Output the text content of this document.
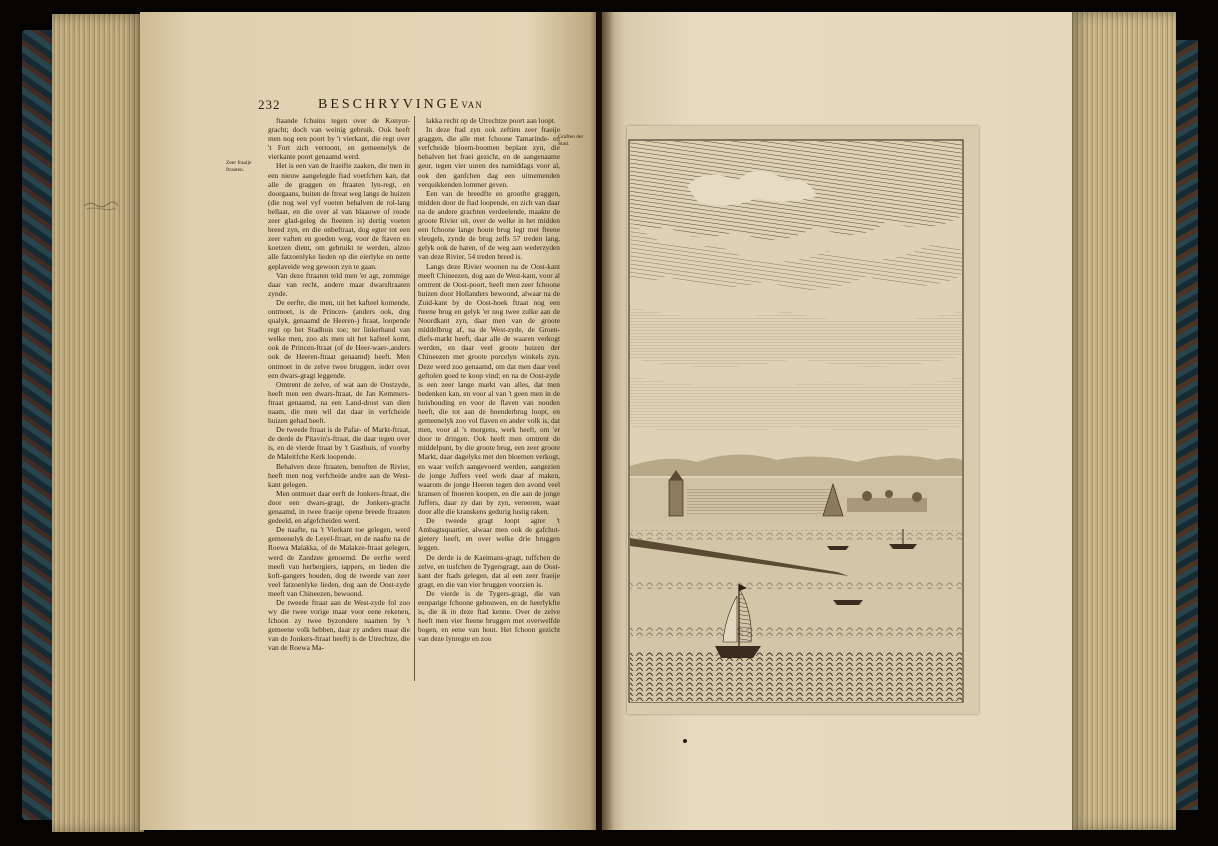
232	BESCHRYVINGEVAN
Zeer fraaije ftraaten.
Graften der Stad.

ftaande fchuins tegen over de Konyor-gracht; doch van weinig gebruik. Ook heeft men nog een poort by 't vierkant, die regt over 't Fort zich vertoont, en gemeenelyk de vierkante poort genaamd werd.

Het is een van de fraeifte zaaken, die men in een nieuw aangelegde ftad voetfchen kan, dat alle de graggen en ftraaten lyn-regt, en doorgaans, buiten de ftreat weg langs de huizen (die nog wel vyf voeten behalven de rol-lang bellaat, en die over al van blaauwe of roode zeer glad-geleg de fteenen is) dertig voeten breed zyn, en die onbeftraat, dog egter tot een zeer vaften en goeden weg, voor de ftaven en koetzen dient, om gebruikt te werden, alzoo alle fatzoenlyke lieden op die eierlyke en nette geplaveide weg gewoon zyn te gaan.

Van deze ftraaten teld men 'er agt, zommige daar van recht, andere maar dwarsftraaten zynde.

De eerfte, die men, uit het kafteel komende, ontmoet, is de Princen- (anders ook, dog qualyk, genaamd de Heeren-) ftraat, loopende regt op het Stadhuis toe; ter linkerhand van welke men, zoo als men uit het kafteel komt, ook de Princen-ftraat (of de Heer-waer-,anders ook de Heeren-ftraat genaamd) heeft. Men ontmoet in de zelve twee bruggen, ieder over een dwars-gragt leggende.

Omtrent de zelve, of wat aan de Oostzyde, heeft men een dwars-ftraat, de Jan Kemmers-ftraat genaamd, na een Land-drost van dien naam, die men wil dat daar in verfcheide huizen gehad heeft.

De tweede ftraat is de Pafar- of Markt-ftraat, de derde de Pitavin's-ftraat, die daar tegen over is, en de vierde ftraat by 't Gasthuis, of voorby de Maleitfche Kerk loopende.

Behalven deze ftraaten, benoften de Rivier, heeft men nog verfcheide andre aan de West-kant gelegen.

Men ontmoet daar eerft de Jonkers-ftraat, die door een dwars-gragt, de Jonkers-gracht genaamd, in twee fraeije opene breede ftraaten gedeeld, en afgefcheiden werd.

De naafte, na 't Vierkant toe gelegen, werd gemeenelyk de Leyel-ftraat, en de naafte na de Roewa Malakka, of de Malakze-ftraat gelegen, werd de Zandzee genoemd. De eerfte werd meeft van herbergiers, tappers, en lieden die koft-gangers houden, dog de tweede van zeer veel fatzoenlyke lieden, dog aan de Oost-zyde meeft van Chineezen, bewoond.

De tweede ftraat aan de West-zyde fol zoo wy die twee vorige maar voor eene rekenen, fchoon zy twee byzondere naamen by 't gemeene volk hebben, daar zy anders maar die van de Jonkers-ftraat heeft) is de Utrechtze, die van de Roewa Ma-

lakka recht op de Utrechtze poort aan loopt.

In deze ftad zyn ook zeftien zeer fraeije graggen, die alle met fchoone Tamarinde- en verfcheide bloem-boomen beplant zyn, die behalven het fraei gezicht, en de aangenaame geur, tegen vier uuren des namiddags voor al, ook den ganfchen dag een uitnemenden verquikkenden lommer geven.

Een van de breedfte en grootfte graggen, midden door de ftad loopende, en zich van daar na de andere grachten verdeelende, maakte de groote Rivier uit, over de welke in het midden een fchoone lange houte brug legt met fteene vleugels, zynde de brug zelfs 57 treden lang, gelyk ook de baren, of de weg aan wederzyden van deze Rivier, 54 treden breed is.

Langs deze Rivier woonen na de Oost-kant meeft Chineezen, dog aan de West-kant, voor al omtrent de Oost-poort, heeft men zeer fchoone huizen door Hollanders bewoond, alwaar na de Zuid-kant by de Oost-hoek ftraat nog een fteene brug en gelyk 'er nog twee zulke aan de Noordkant zyn, daar men van de groote middelbrug af, na de West-zyde, de Groen-diefs-markt heeft, daar alle de waaren verkogt werden, en daar veel groote huizen der Chineezen met groote porcelyn winkels zyn. Deze werd zoo genaamd, om dat men daar veel geftolen goed te koop vind; en na de Oost-zyde is een zeer lange markt van alles, dat men bedenken kan, en voor al van 't geen men in de huishouding en voor de flaven van nooden heeft, die tot aan de hoenderbrug loopt, en gemeenelyk zoo vol flaven en ander volk is, dat men, voor al 's morgens, werk heeft, om 'er door te dringen. Ook heeft men omtrent de middelpunt, by die groote brug, een zeer groote Markt, daar dagelyks met den bloemen verkogt, en waar veifch aangevoerd werden, aangezien de jonge Juffers veel werk daar af maken, waarom de jonge Heeren tegen den avond veel kransen of fnoeren koopen, en die aan de jonge Juffers, daar zy dan by zyn, vereeren, waar door alle die kranskens gedurig lustig raken.

De tweede gragt loopt agter 't Ambagtsquartier, alwaar men ook de gafchut-gietery heeft, en over welke drie bruggen leggen.

De derde is de Kaeimans-gragt, tuffchen de zelve, en tusfchen de Tygersgragt, aan de Oost-kant der ftads gelegen, dat al een zeer fraeije gragt, en die van vier bruggen voorzien is.

De vierde is de Tygers-gragt, die van eenparige fchoone gebouwen, en de heerlykfte is, die ik in deze ftad kenne. Over de zelve heeft men vier fteene bruggen met overwelfde bogen, en eene van hout. Het fchoon gezicht van deze lynregte en zoo
